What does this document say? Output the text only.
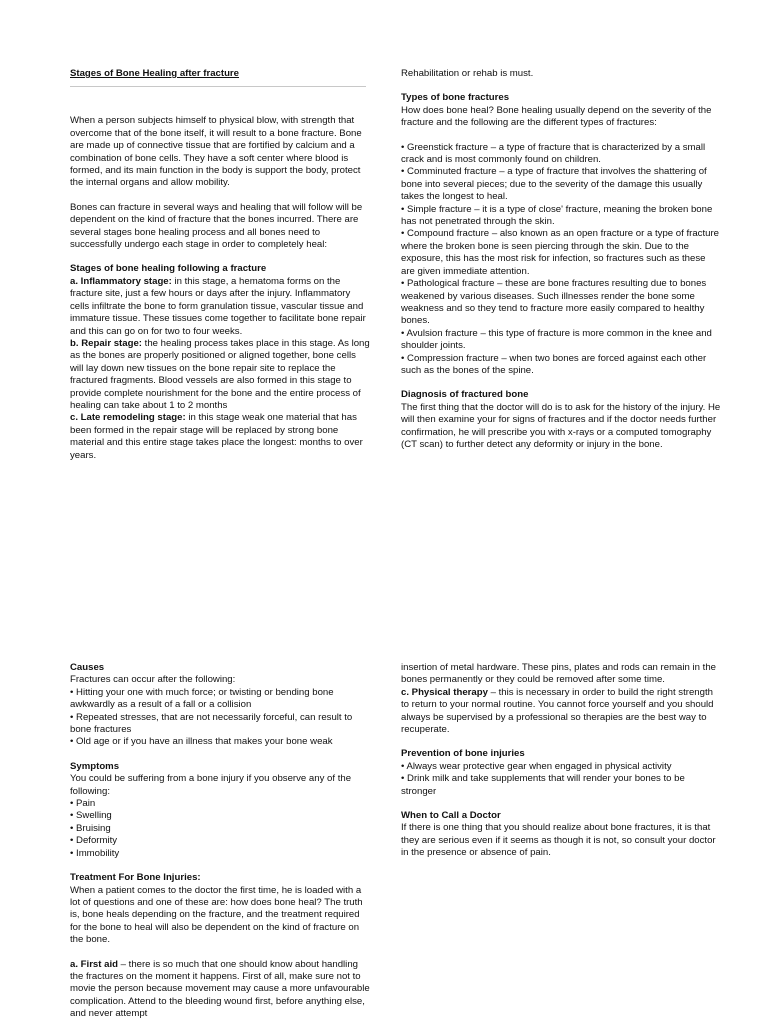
Stages of Bone Healing after fracture

When a person subjects himself to physical blow, with strength that overcome that of the bone itself, it will result to a bone fracture. Bone are made up of connective tissue that are fortified by calcium and a combination of bone cells. They have a soft center where blood is formed, and its main function in the body is support the body, protect the internal organs and allow mobility.

Bones can fracture in several ways and healing that will follow will be dependent on the kind of fracture that the bones incurred. There are several stages bone healing process and all bones need to successfully undergo each stage in order to completely heal:

Stages of bone healing following a fracture

a. Inflammatory stage: in this stage, a hematoma forms on the fracture site, just a few hours or days after the injury. Inflammatory cells infiltrate the bone to form granulation tissue, vascular tissue and immature tissue. These tissues come together to facilitate bone repair and this can go on for two to four weeks.

b. Repair stage: the healing process takes place in this stage. As long as the bones are properly positioned or aligned together, bone cells will lay down new tissues on the bone repair site to replace the fractured fragments. Blood vessels are also formed in this stage to provide complete nourishment for the bone and the entire process of healing can take about 1 to 2 months

c. Late remodeling stage: in this stage weak one material that has been formed in the repair stage will be replaced by strong bone material and this entire stage takes place the longest: months to over years.

Rehabilitation or rehab is must.

Types of bone fractures

How does bone heal? Bone healing usually depend on the severity of the fracture and the following are the different types of fractures:

• Greenstick fracture – a type of fracture that is characterized by a small crack and is most commonly found on children.

• Comminuted fracture – a type of fracture that involves the shattering of bone into several pieces; due to the severity of the damage this usually takes the longest to heal.

• Simple fracture – it is a type of close' fracture, meaning the broken bone has not penetrated through the skin.

• Compound fracture – also known as an open fracture or a type of fracture where the broken bone is seen piercing through the skin. Due to the exposure, this has the most risk for infection, so fractures such as these are given immediate attention.

• Pathological fracture – these are bone fractures resulting due to bones weakened by various diseases. Such illnesses render the bone some weakness and so they tend to fracture more easily compared to healthy bones.

• Avulsion fracture – this type of fracture is more common in the knee and shoulder joints.

• Compression fracture – when two bones are forced against each other such as the bones of the spine.

Diagnosis of fractured bone

The first thing that the doctor will do is to ask for the history of the injury. He will then examine your for signs of fractures and if the doctor needs further confirmation, he will prescribe you with x-rays or a computed tomography (CT scan) to further detect any deformity or injury in the bone.

Causes

Fractures can occur after the following:

• Hitting your one with much force; or twisting or bending bone awkwardly as a result of a fall or a collision

• Repeated stresses, that are not necessarily forceful, can result to bone fractures

• Old age or if you have an illness that makes your bone weak

Symptoms

You could be suffering from a bone injury if you observe any of the following:

• Pain

• Swelling

• Bruising

• Deformity

• Immobility

Treatment For Bone Injuries:

When a patient comes to the doctor the first time, he is loaded with a lot of questions and one of these are: how does bone heal? The truth is, bone heals depending on the fracture, and the treatment required for the bone to heal will also be dependent on the kind of fracture on the bone.

a. First aid – there is so much that one should know about handling the fractures on the moment it happens. First of all, make sure not to movie the person because movement may cause a more unfavourable complication. Attend to the bleeding wound first, before anything else, and never attempt

insertion of metal hardware. These pins, plates and rods can remain in the bones permanently or they could be removed after some time.

c. Physical therapy – this is necessary in order to build the right strength to return to your normal routine. You cannot force yourself and you should always be supervised by a professional so therapies are the best way to recuperate.

Prevention of bone injuries

• Always wear protective gear when engaged in physical activity

• Drink milk and take supplements that will render your bones to be stronger

When to Call a Doctor

If there is one thing that you should realize about bone fractures, it is that they are serious even if it seems as though it is not, so consult your doctor in the presence or absence of pain.
